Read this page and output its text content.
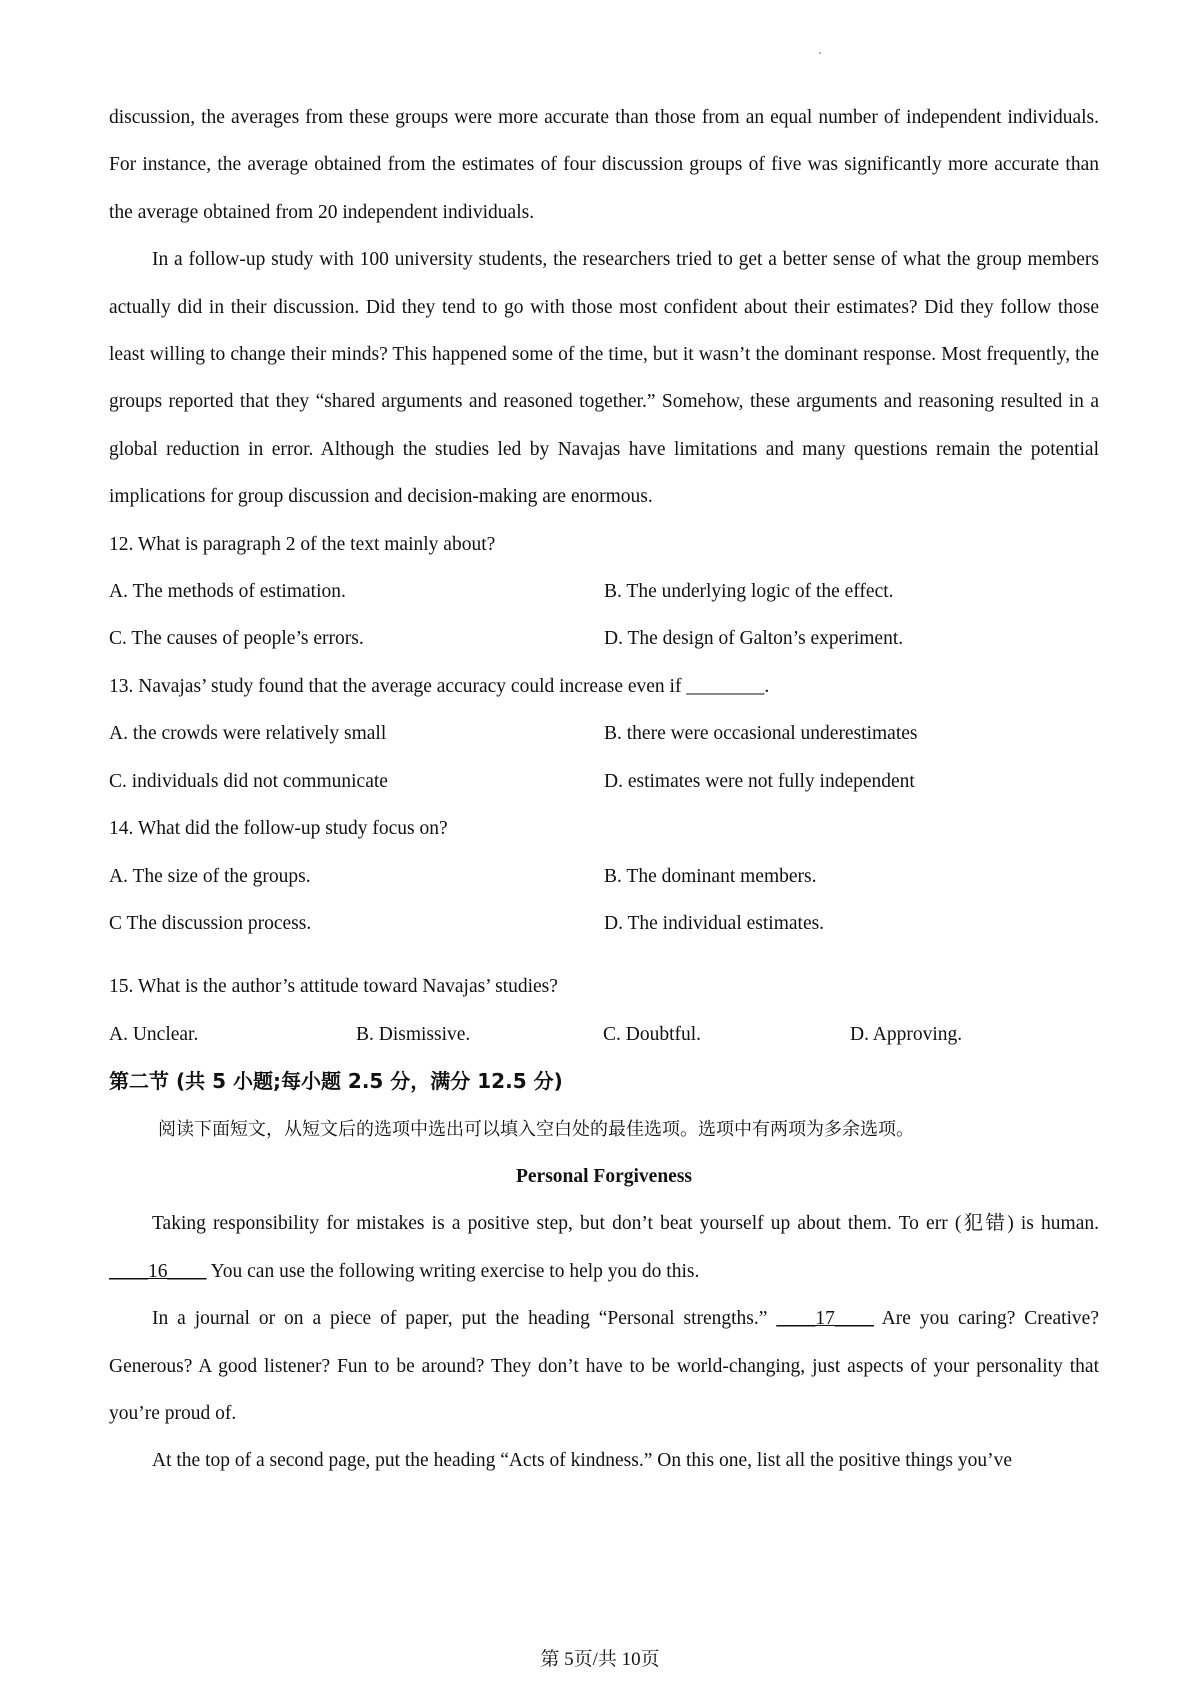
discussion, the averages from these groups were more accurate than those from an equal number of independent individuals. For instance, the average obtained from the estimates of four discussion groups of five was significantly more accurate than the average obtained from 20 independent individuals.

In a follow-up study with 100 university students, the researchers tried to get a better sense of what the group members actually did in their discussion. Did they tend to go with those most confident about their estimates? Did they follow those least willing to change their minds? This happened some of the time, but it wasn’t the dominant response. Most frequently, the groups reported that they “shared arguments and reasoned together.” Somehow, these arguments and reasoning resulted in a global reduction in error. Although the studies led by Navajas have limitations and many questions remain the potential implications for group discussion and decision-making are enormous.

12. What is paragraph 2 of the text mainly about?

A. The methods of estimation.	B. The underlying logic of the effect.
C. The causes of people’s errors.	D. The design of Galton’s experiment.

13. Navajas’ study found that the average accuracy could increase even if ________.

A. the crowds were relatively small	B. there were occasional underestimates
C. individuals did not communicate	D. estimates were not fully independent

14. What did the follow-up study focus on?

A. The size of the groups.	B. The dominant members.
C The discussion process.	D. The individual estimates.

15. What is the author’s attitude toward Navajas’ studies?

A. Unclear.	B. Dismissive.	C. Doubtful.	D. Approving.

第二节 (共 5 小题;每小题 2.5 分，满分 12.5 分)

阅读下面短文，从短文后的选项中选出可以填入空白处的最佳选项。选项中有两项为多余选项。

Personal Forgiveness

Taking responsibility for mistakes is a positive step, but don’t beat yourself up about them. To err (犯错) is human. ____16____ You can use the following writing exercise to help you do this.

In a journal or on a piece of paper, put the heading “Personal strengths.” ____17____ Are you caring? Creative? Generous? A good listener? Fun to be around? They don’t have to be world-changing, just aspects of your personality that you’re proud of.

At the top of a second page, put the heading “Acts of kindness.” On this one, list all the positive things you’ve

第 5页/共 10页
